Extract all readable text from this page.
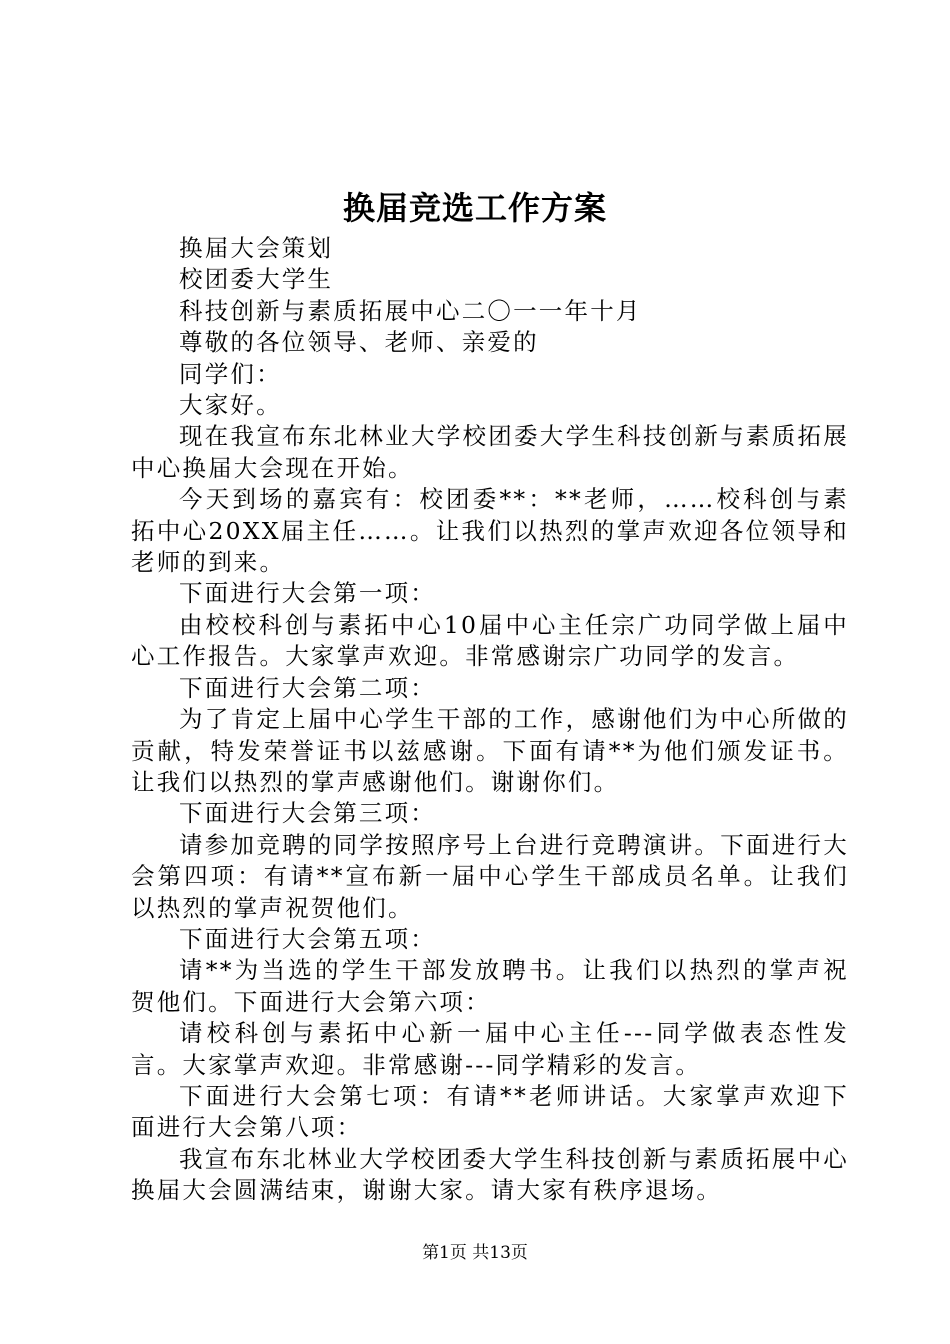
换届竞选工作方案

换届大会策划

校团委大学生

科技创新与素质拓展中心二〇一一年十月

尊敬的各位领导、老师、亲爱的

同学们：

大家好。

现在我宣布东北林业大学校团委大学生科技创新与素质拓展中心换届大会现在开始。

今天到场的嘉宾有：校团委**：**老师，……校科创与素拓中心20XX届主任……。让我们以热烈的掌声欢迎各位领导和老师的到来。

下面进行大会第一项：

由校校科创与素拓中心10届中心主任宗广功同学做上届中心工作报告。大家掌声欢迎。非常感谢宗广功同学的发言。

下面进行大会第二项：

为了肯定上届中心学生干部的工作，感谢他们为中心所做的贡献，特发荣誉证书以兹感谢。下面有请**为他们颁发证书。让我们以热烈的掌声感谢他们。谢谢你们。

下面进行大会第三项：

请参加竞聘的同学按照序号上台进行竞聘演讲。下面进行大会第四项：有请**宣布新一届中心学生干部成员名单。让我们以热烈的掌声祝贺他们。

下面进行大会第五项：

请**为当选的学生干部发放聘书。让我们以热烈的掌声祝贺他们。下面进行大会第六项：

请校科创与素拓中心新一届中心主任---同学做表态性发言。大家掌声欢迎。非常感谢---同学精彩的发言。

下面进行大会第七项：有请**老师讲话。大家掌声欢迎下面进行大会第八项：

我宣布东北林业大学校团委大学生科技创新与素质拓展中心换届大会圆满结束，谢谢大家。请大家有秩序退场。

第1页 共13页
